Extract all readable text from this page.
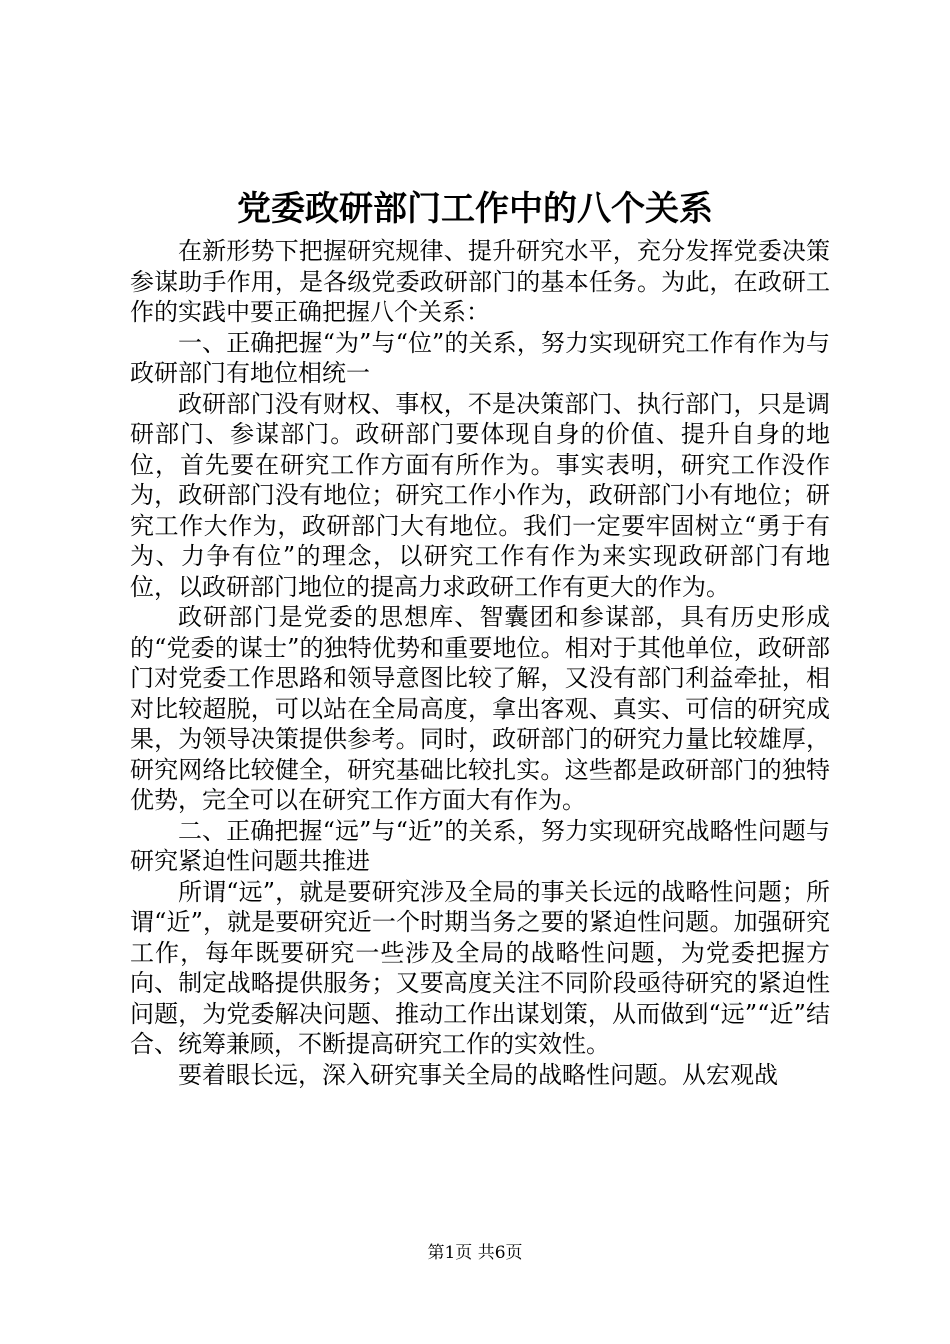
党委政研部门工作中的八个关系

在新形势下把握研究规律、提升研究水平，充分发挥党委决策参谋助手作用，是各级党委政研部门的基本任务。为此，在政研工作的实践中要正确把握八个关系：

一、正确把握“为”与“位”的关系，努力实现研究工作有作为与政研部门有地位相统一

政研部门没有财权、事权，不是决策部门、执行部门，只是调研部门、参谋部门。政研部门要体现自身的价值、提升自身的地位，首先要在研究工作方面有所作为。事实表明，研究工作没作为，政研部门没有地位；研究工作小作为，政研部门小有地位；研究工作大作为，政研部门大有地位。我们一定要牢固树立“勇于有为、力争有位”的理念，以研究工作有作为来实现政研部门有地位，以政研部门地位的提高力求政研工作有更大的作为。

政研部门是党委的思想库、智囊团和参谋部，具有历史形成的“党委的谋士”的独特优势和重要地位。相对于其他单位，政研部门对党委工作思路和领导意图比较了解，又没有部门利益牵扯，相对比较超脱，可以站在全局高度，拿出客观、真实、可信的研究成果，为领导决策提供参考。同时，政研部门的研究力量比较雄厚，研究网络比较健全，研究基础比较扎实。这些都是政研部门的独特优势，完全可以在研究工作方面大有作为。

二、正确把握“远”与“近”的关系，努力实现研究战略性问题与研究紧迫性问题共推进

所谓“远”，就是要研究涉及全局的事关长远的战略性问题；所谓“近”，就是要研究近一个时期当务之要的紧迫性问题。加强研究工作，每年既要研究一些涉及全局的战略性问题，为党委把握方向、制定战略提供服务；又要高度关注不同阶段亟待研究的紧迫性问题，为党委解决问题、推动工作出谋划策，从而做到“远”“近”结合、统筹兼顾，不断提高研究工作的实效性。

要着眼长远，深入研究事关全局的战略性问题。从宏观战

第1页 共6页
